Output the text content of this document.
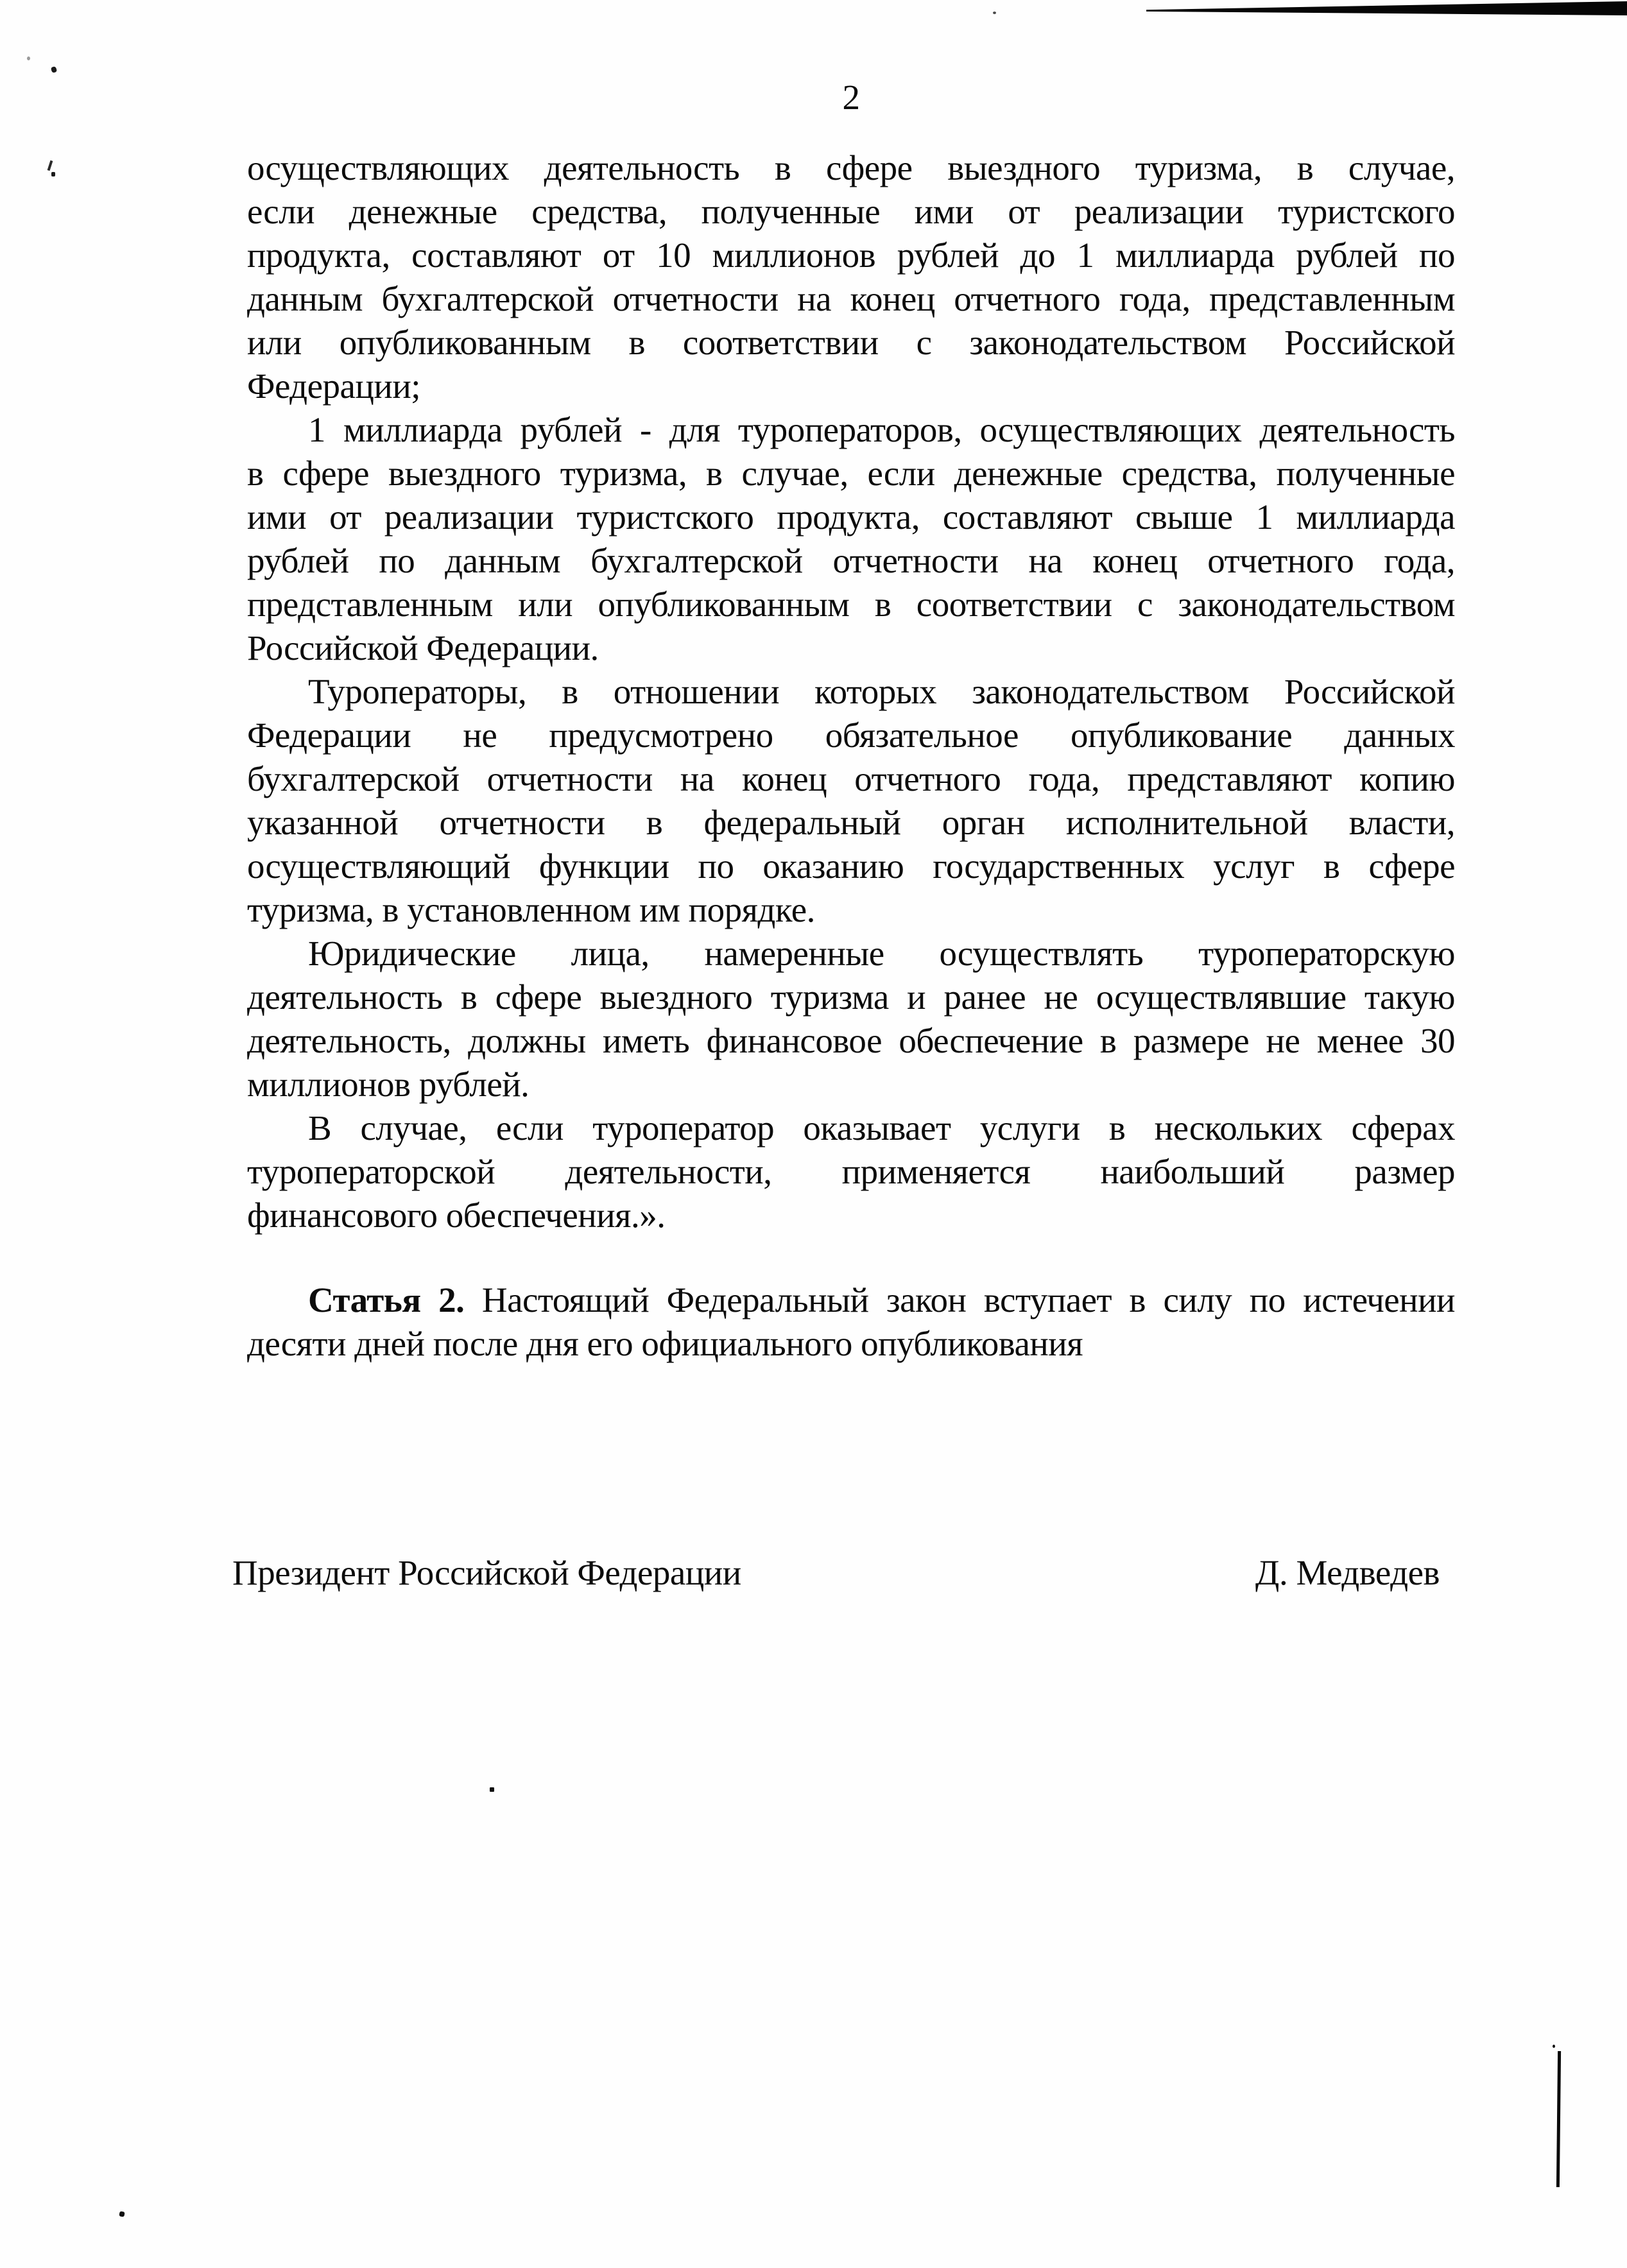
2
осуществляющих деятельность в сфере выездного туризма, в случае,
если денежные средства, полученные ими от реализации туристского
продукта, составляют от 10 миллионов рублей до 1 миллиарда рублей по
данным бухгалтерской отчетности на конец отчетного года, представленным
или опубликованным в соответствии с законодательством Российской
Федерации;
1 миллиарда рублей - для туроператоров, осуществляющих деятельность
в сфере выездного туризма, в случае, если денежные средства, полученные
ими от реализации туристского продукта, составляют свыше 1 миллиарда
рублей по данным бухгалтерской отчетности на конец отчетного года,
представленным или опубликованным в соответствии с законодательством
Российской Федерации.
Туроператоры, в отношении которых законодательством Российской
Федерации не предусмотрено обязательное опубликование данных
бухгалтерской отчетности на конец отчетного года, представляют копию
указанной отчетности в федеральный орган исполнительной власти,
осуществляющий функции по оказанию государственных услуг в сфере
туризма, в установленном им порядке.
Юридические лица, намеренные осуществлять туроператорскую
деятельность в сфере выездного туризма и ранее не осуществлявшие такую
деятельность, должны иметь финансовое обеспечение в размере не менее 30
миллионов рублей.
В случае, если туроператор оказывает услуги в нескольких сферах
туроператорской деятельности, применяется наибольший размер
финансового обеспечения.».
Статья 2. Настоящий Федеральный закон вступает в силу по истечении
десяти дней после дня его официального опубликования
Президент Российской Федерации	Д. Медведев
